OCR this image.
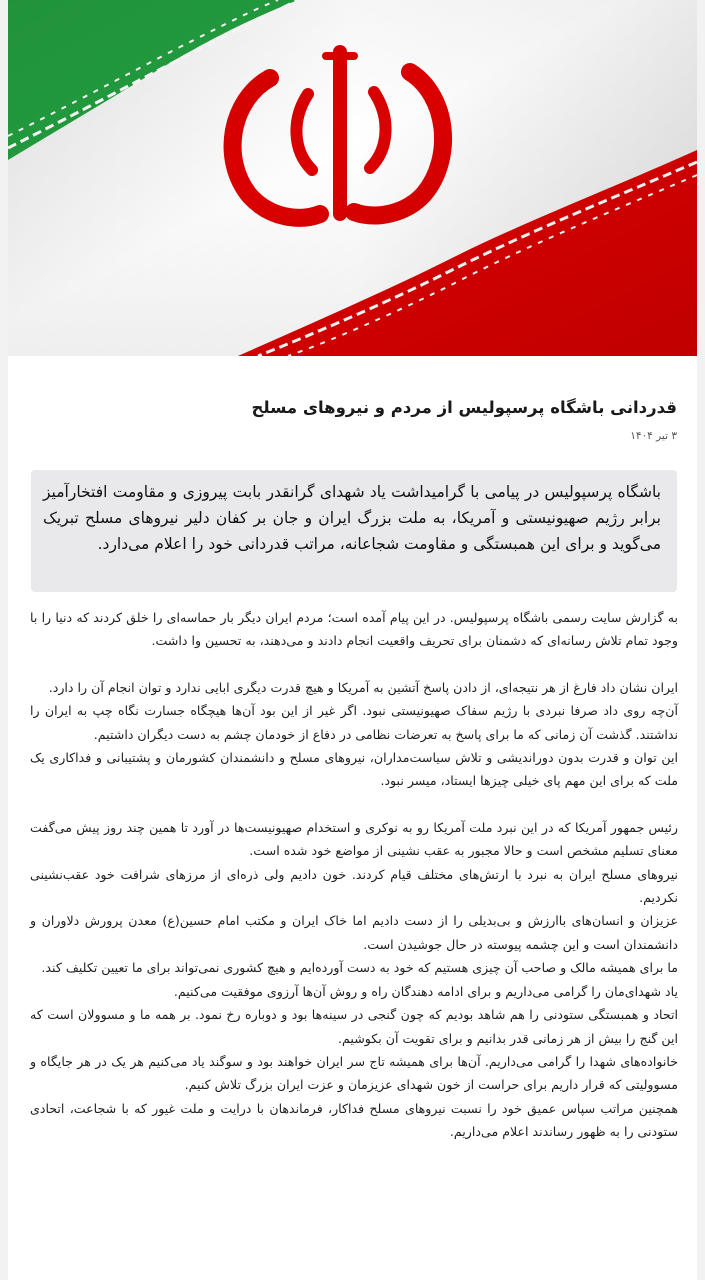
قدردانی باشگاه پرسپولیس از مردم و نیروهای مسلح
۳ تیر ۱۴۰۴
باشگاه پرسپولیس در پیامی با گرامیداشت یاد شهدای گرانقدر بابت پیروزی و مقاومت افتخارآمیز برابر رژیم صهیونیستی و آمریکا، به ملت بزرگ ایران و جان بر کفان دلیر نیروهای مسلح تبریک می‌گوید و برای این همبستگی و مقاومت شجاعانه، مراتب قدردانی خود را اعلام می‌دارد.

به گزارش سایت رسمی باشگاه پرسپولیس. در این پیام آمده است؛ مردم ایران دیگر بار حماسه‌ای را خلق کردند که دنیا را با وجود تمام تلاش رسانه‌ای که دشمنان برای تحریف واقعیت انجام دادند و می‌دهند، به تحسین وا داشت.

ایران نشان داد فارغ از هر نتیجه‌ای، از دادن پاسخ آتشین به آمریکا و هیچ قدرت دیگری ابایی ندارد و توان انجام آن را دارد.

آن‌چه روی داد صرفا نبردی با رژیم سفاک صهیونیستی نبود. اگر غیر از این بود آن‌ها هیچگاه جسارت نگاه چپ به ایران را نداشتند. گذشت آن زمانی که ما برای پاسخ به تعرضات نظامی در دفاع از خودمان چشم به دست دیگران داشتیم.

این توان و قدرت بدون دوراندیشی و تلاش سیاست‌مداران، نیروهای مسلح و دانشمندان کشورمان و پشتیبانی و فداکاری یک ملت که برای این مهم پای خیلی چیزها ایستاد، میسر نبود.

رئیس جمهور آمریکا که در این نبرد ملت آمریکا رو به نوکری و استخدام صهیونیست‌ها در آورد تا همین چند روز پیش می‌گفت معنای تسلیم مشخص است و حالا مجبور به عقب نشینی از مواضع خود شده است.

نیروهای مسلح ایران به نبرد با ارتش‌های مختلف قیام کردند. خون دادیم ولی ذره‌ای از مرزهای شرافت خود عقب‌نشینی نکردیم.

عزیزان و انسان‌های باارزش و بی‌بدیلی را از دست دادیم اما خاک ایران و مکتب امام حسین(ع) معدن پرورش دلاوران و دانشمندان است و این چشمه پیوسته در حال جوشیدن است.

ما برای همیشه مالک و صاحب آن چیزی هستیم که خود به دست آورده‌ایم و هیچ کشوری نمی‌تواند برای ما تعیین تکلیف کند.

یاد شهدای‌مان را گرامی می‌داریم و برای ادامه دهندگان راه و روش آن‌ها آرزوی موفقیت می‌کنیم.

اتحاد و همبستگی ستودنی را هم شاهد بودیم که چون گنجی در سینه‌ها بود و دوباره رخ نمود. بر همه ما و مسوولان است که این گنج را بیش از هر زمانی قدر بدانیم و برای تقویت آن بکوشیم.

خانواده‌های شهدا را گرامی می‌داریم. آن‌ها برای همیشه تاج سر ایران خواهند بود و سوگند یاد می‌کنیم هر یک در هر جایگاه و مسوولیتی که قرار داریم برای حراست از خون شهدای عزیزمان و عزت ایران بزرگ تلاش کنیم.

همچنین مراتب سپاس عمیق خود را نسبت نیروهای مسلح فداکار، فرماندهان با درایت و ملت غیور که با شجاعت، اتحادی ستودنی را به ظهور رساندند اعلام می‌داریم.
